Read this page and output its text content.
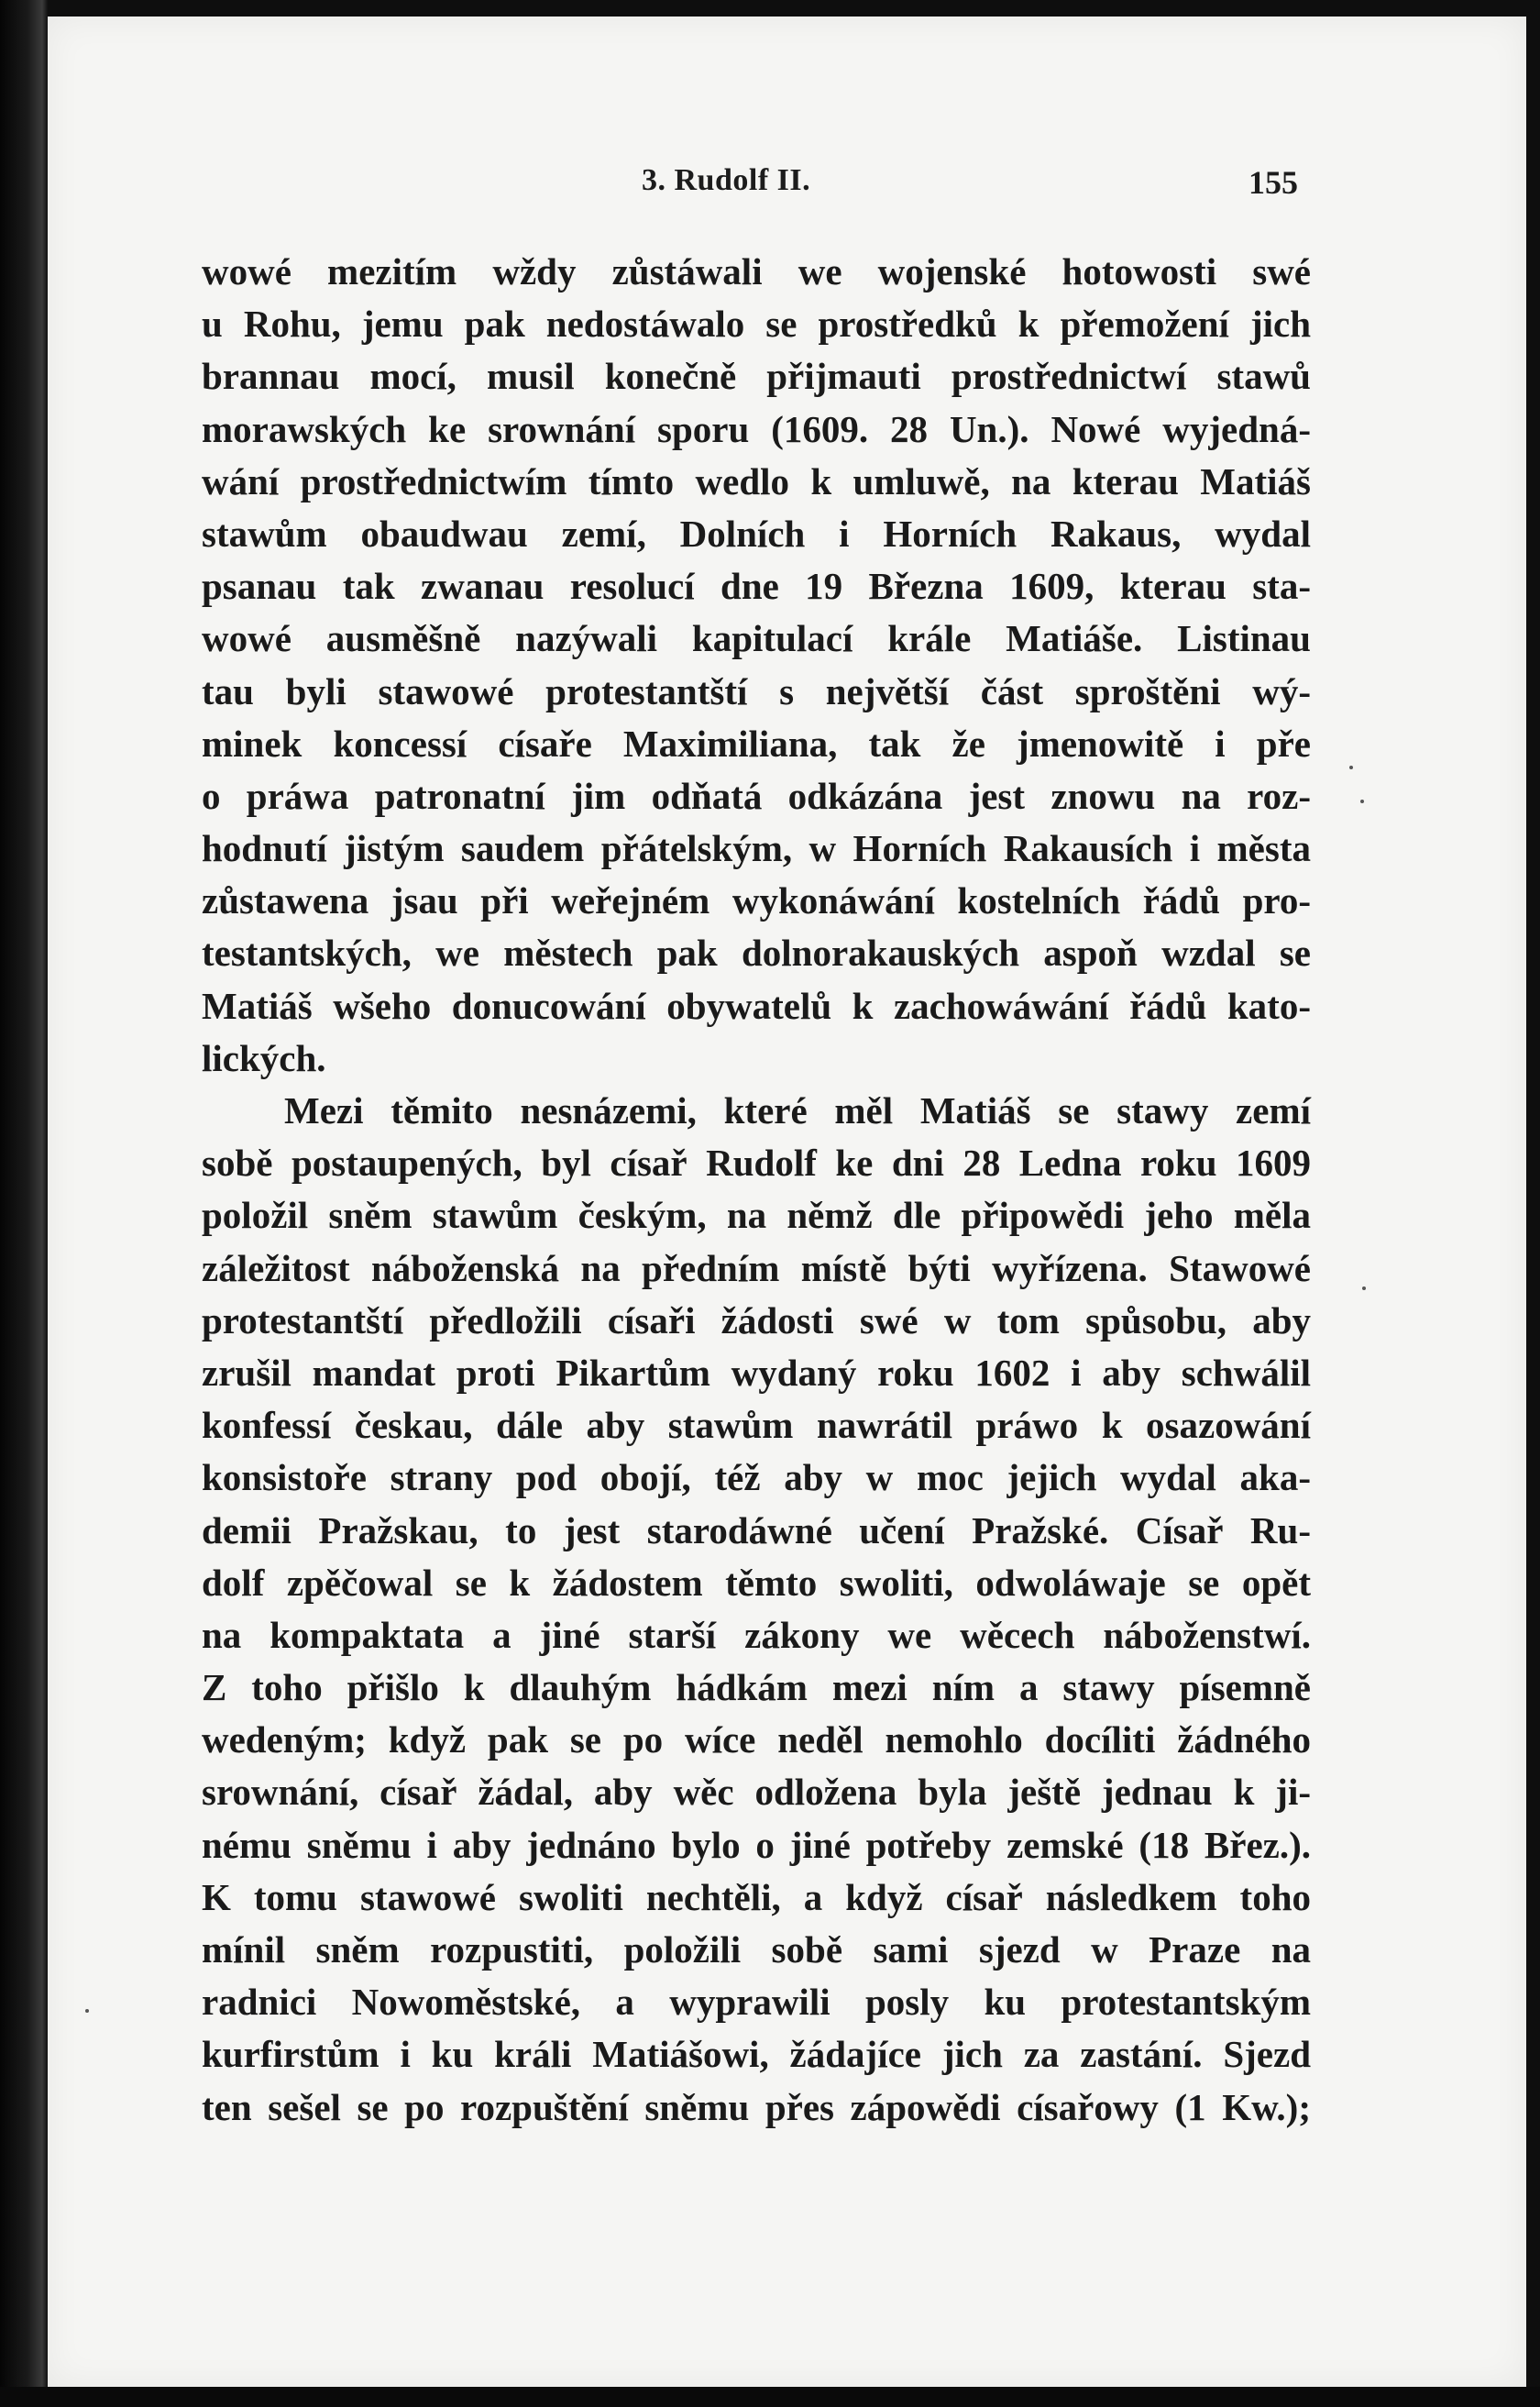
3. Rudolf II.	155
wowé mezitím wždy zůstáwali we wojenské hotowosti swé
u Rohu, jemu pak nedostáwalo se prostředků k přemožení jich
brannau mocí, musil konečně přijmauti prostřednictwí stawů
morawských ke srownání sporu (1609. 28 Un.). Nowé wyjedná-
wání prostřednictwím tímto wedlo k umluwě, na kterau Matiáš
stawům obaudwau zemí, Dolních i Horních Rakaus, wydal
psanau tak zwanau resolucí dne 19 Března 1609, kterau sta-
wowé ausměšně nazýwali kapitulací krále Matiáše. Listinau
tau byli stawowé protestantští s největší část sproštěni wý-
minek koncessí císaře Maximiliana, tak že jmenowitě i pře
o práwa patronatní jim odňatá odkázána jest znowu na roz-
hodnutí jistým saudem přátelským, w Horních Rakausích i města
zůstawena jsau při weřejném wykonáwání kostelních řádů pro-
testantských, we městech pak dolnorakauských aspoň wzdal se
Matiáš wšeho donucowání obywatelů k zachowáwání řádů kato-
lických.
Mezi těmito nesnázemi, které měl Matiáš se stawy zemí
sobě postaupených, byl císař Rudolf ke dni 28 Ledna roku 1609
položil sněm stawům českým, na němž dle připowědi jeho měla
záležitost náboženská na předním místě býti wyřízena. Stawowé
protestantští předložili císaři žádosti swé w tom spůsobu, aby
zrušil mandat proti Pikartům wydaný roku 1602 i aby schwálil
konfessí českau, dále aby stawům nawrátil práwo k osazowání
konsistoře strany pod obojí, též aby w moc jejich wydal aka-
demii Pražskau, to jest starodáwné učení Pražské. Císař Ru-
dolf zpěčowal se k žádostem těmto swoliti, odwoláwaje se opět
na kompaktata a jiné starší zákony we wěcech náboženstwí.
Z toho přišlo k dlauhým hádkám mezi ním a stawy písemně
wedeným; když pak se po wíce neděl nemohlo docíliti žádného
srownání, císař žádal, aby wěc odložena byla ještě jednau k ji-
nému sněmu i aby jednáno bylo o jiné potřeby zemské (18 Břez.).
K tomu stawowé swoliti nechtěli, a když císař následkem toho
mínil sněm rozpustiti, položili sobě sami sjezd w Praze na
radnici Nowoměstské, a wyprawili posly ku protestantským
kurfirstům i ku králi Matiášowi, žádajíce jich za zastání. Sjezd
ten sešel se po rozpuštění sněmu přes zápowědi císařowy (1 Kw.);
